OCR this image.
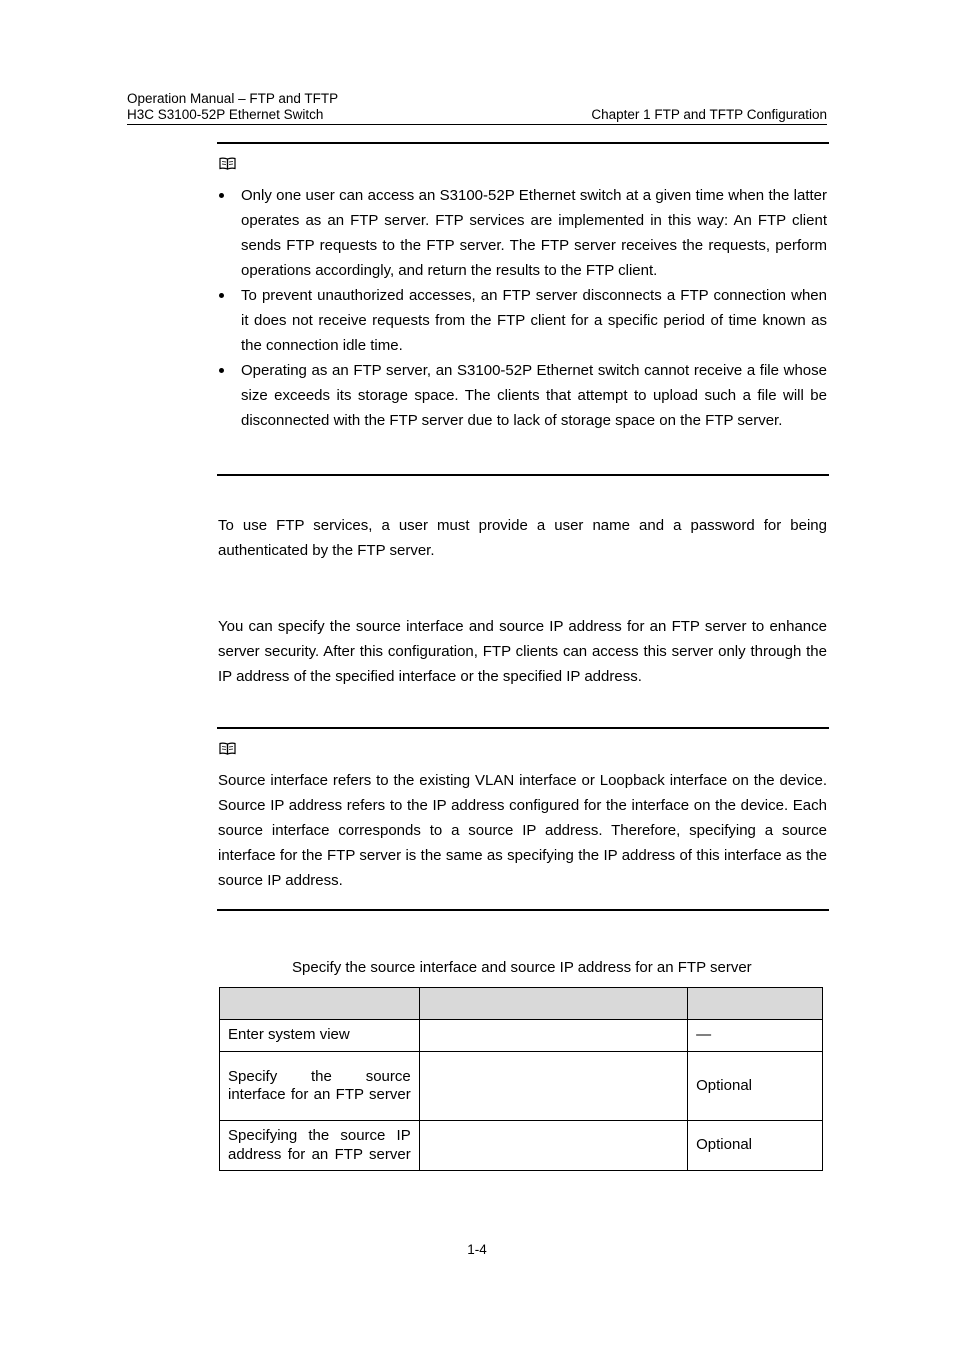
Operation Manual – FTP and TFTP
H3C S3100-52P Ethernet Switch	Chapter 1 FTP and TFTP Configuration
Only one user can access an S3100-52P Ethernet switch at a given time when the latter operates as an FTP server. FTP services are implemented in this way: An FTP client sends FTP requests to the FTP server. The FTP server receives the requests, perform operations accordingly, and return the results to the FTP client.
To prevent unauthorized accesses, an FTP server disconnects a FTP connection when it does not receive requests from the FTP client for a specific period of time known as the connection idle time.
Operating as an FTP server, an S3100-52P Ethernet switch cannot receive a file whose size exceeds its storage space. The clients that attempt to upload such a file will be disconnected with the FTP server due to lack of storage space on the FTP server.
To use FTP services, a user must provide a user name and a password for being authenticated by the FTP server.
You can specify the source interface and source IP address for an FTP server to enhance server security. After this configuration, FTP clients can access this server only through the IP address of the specified interface or the specified IP address.
Source interface refers to the existing VLAN interface or Loopback interface on the device. Source IP address refers to the IP address configured for the interface on the device. Each source interface corresponds to a source IP address. Therefore, specifying a source interface for the FTP server is the same as specifying the IP address of this interface as the source IP address.
Specify the source interface and source IP address for an FTP server

Enter system view		—
Specify the source interface for an FTP server		Optional
Specifying the source IP address for an FTP server		Optional
1-4
